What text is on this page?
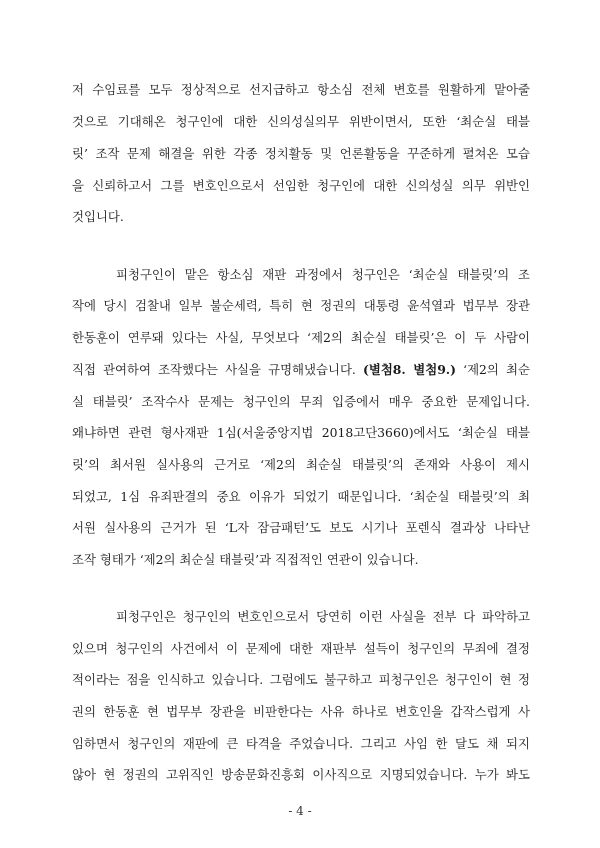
저 수임료를 모두 정상적으로 선지급하고 항소심 전체 변호를 원활하게 맡아줄
것으로 기대해온 청구인에 대한 신의성실의무 위반이면서, 또한 ‘최순실 태블
릿’ 조작 문제 해결을 위한 각종 정치활동 및 언론활동을 꾸준하게 펼쳐온 모습
을 신뢰하고서 그를 변호인으로서 선임한 청구인에 대한 신의성실 의무 위반인
것입니다.
피청구인이 맡은 항소심 재판 과정에서 청구인은 ‘최순실 태블릿’의 조
작에 당시 검찰내 일부 불순세력, 특히 현 정권의 대통령 윤석열과 법무부 장관
한동훈이 연루돼 있다는 사실, 무엇보다 ‘제2의 최순실 태블릿’은 이 두 사람이
직접 관여하여 조작했다는 사실을 규명해냈습니다. (별첨8. 별첨9.) ‘제2의 최순
실 태블릿’ 조작수사 문제는 청구인의 무죄 입증에서 매우 중요한 문제입니다.
왜냐하면 관련 형사재판 1심(서울중앙지법 2018고단3660)에서도 ‘최순실 태블
릿’의 최서원 실사용의 근거로 ‘제2의 최순실 태블릿’의 존재와 사용이 제시
되었고, 1심 유죄판결의 중요 이유가 되었기 때문입니다. ‘최순실 태블릿’의 최
서원 실사용의 근거가 된 ‘L자 잠금패턴’도 보도 시기나 포렌식 결과상 나타난
조작 형태가 ‘제2의 최순실 태블릿’과 직접적인 연관이 있습니다.
피청구인은 청구인의 변호인으로서 당연히 이런 사실을 전부 다 파악하고
있으며 청구인의 사건에서 이 문제에 대한 재판부 설득이 청구인의 무죄에 결정
적이라는 점을 인식하고 있습니다. 그럼에도 불구하고 피청구인은 청구인이 현 정
권의 한동훈 현 법무부 장관을 비판한다는 사유 하나로 변호인을 갑작스럽게 사
임하면서 청구인의 재판에 큰 타격을 주었습니다. 그리고 사임 한 달도 채 되지
않아 현 정권의 고위직인 방송문화진흥회 이사직으로 지명되었습니다. 누가 봐도
- 4 -
